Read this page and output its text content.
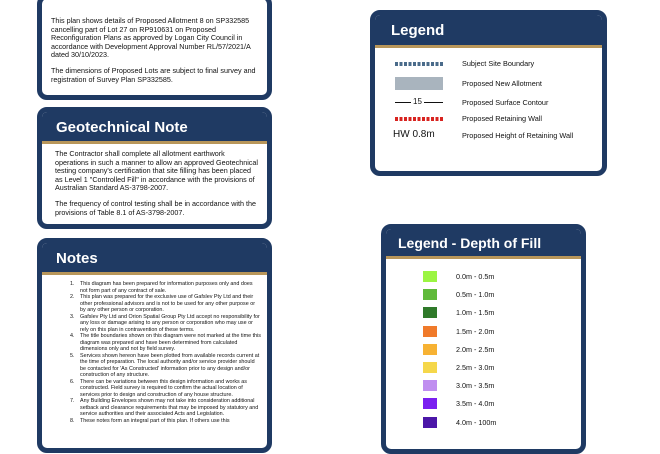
This plan shows details of Proposed Allotment 8 on SP332585 cancelling part of Lot 27 on RP910631 on Proposed Reconfiguration Plans as approved by Logan City Council in accordance with Development Approval Number RL/57/2021/A dated 30/10/2023.

The dimensions of Proposed Lots are subject to final survey and registration of Survey Plan SP332585.

Geotechnical Note

The Contractor shall complete all allotment earthwork operations in such a manner to allow an approved Geotechnical testing company's certification that site filling has been placed as Level 1 "Controlled Fill" in accordance with the provisions of Australian Standard AS-3798-2007.

The frequency of control testing shall be in accordance with the provisions of Table 8.1 of AS-3798-2007.

Notes
1. This diagram has been prepared for information purposes only and does not form part of any contract of sale.
2. This plan was prepared for the exclusive use of Gafslev Pty Ltd and their other professional advisors and is not to be used for any other purpose or by any other person or corporation.
3. Gafslev Pty Ltd and Orion Spatial Group Pty Ltd accept no responsibility for any loss or damage arising to any person or corporation who may use or rely on this plan in contravention of these terms.
4. The title boundaries shown on this diagram were not marked at the time this diagram was prepared and have been determined from calculated dimensions only and not by field survey.
5. Services shown hereon have been plotted from available records current at the time of preparation. The local authority and/or service provider should be contacted for 'As Constructed' information prior to any design and/or construction of any structure.
6. There can be variations between this design information and works as constructed. Field survey is required to confirm the actual location of services prior to design and construction of any house structure.
7. Any Building Envelopes shown may not take into consideration additional setback and clearance requirements that may be imposed by statutory and service authorities and their associated Acts and Legislation.
8. These notes form an integral part of this plan. If others use this
Legend
Subject Site Boundary
Proposed New Allotment
15	Proposed Surface Contour
Proposed Retaining Wall
HW 0.8m	Proposed Height of Retaining Wall
Legend - Depth of Fill
0.0m - 0.5m
0.5m - 1.0m
1.0m - 1.5m
1.5m - 2.0m
2.0m - 2.5m
2.5m - 3.0m
3.0m - 3.5m
3.5m - 4.0m
4.0m - 100m
